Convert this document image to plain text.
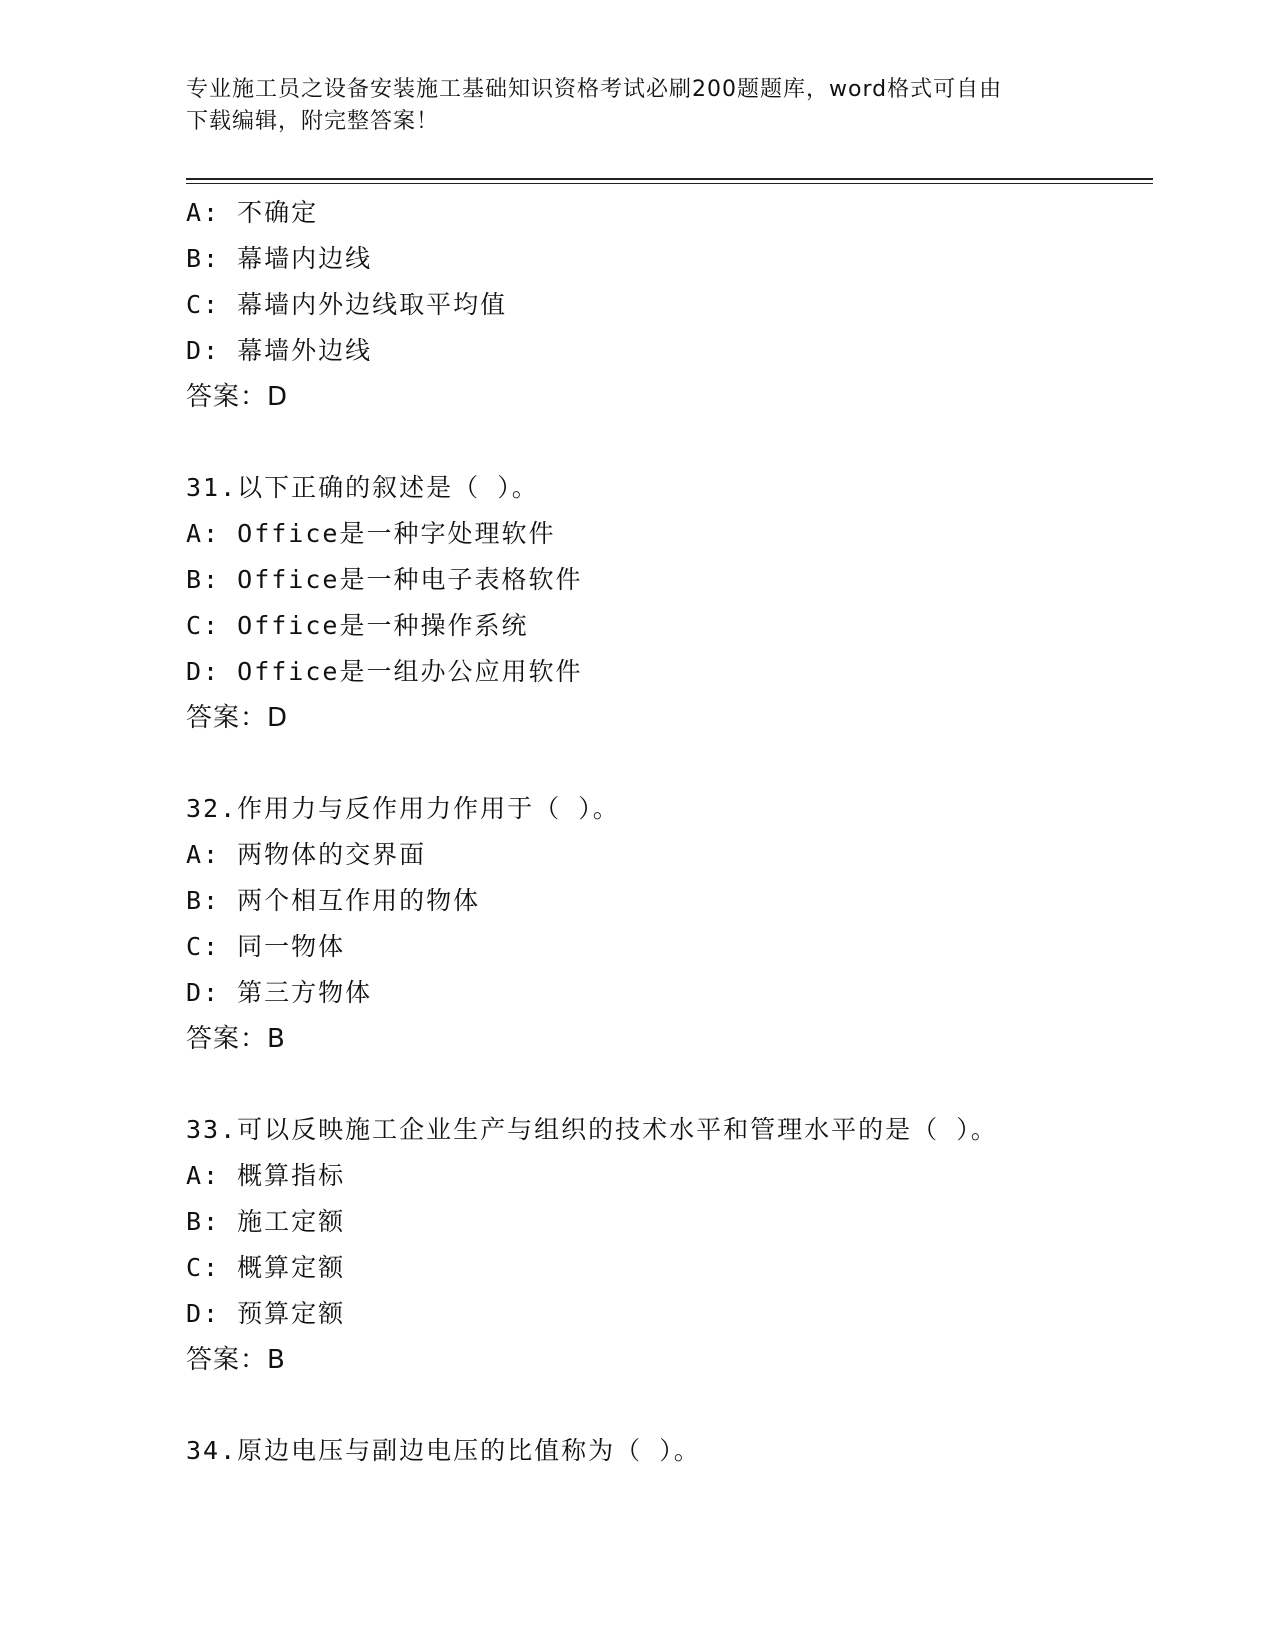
专业施工员之设备安装施工基础知识资格考试必刷200题题库，word格式可自由
下载编辑，附完整答案！
A: 不确定
B: 幕墙内边线
C: 幕墙内外边线取平均值
D: 幕墙外边线
答案：D
31.以下正确的叙述是（ ）。
A: Office是一种字处理软件
B: Office是一种电子表格软件
C: Office是一种操作系统
D: Office是一组办公应用软件
答案：D
32.作用力与反作用力作用于（ ）。
A: 两物体的交界面
B: 两个相互作用的物体
C: 同一物体
D: 第三方物体
答案：B
33.可以反映施工企业生产与组织的技术水平和管理水平的是（ ）。
A: 概算指标
B: 施工定额
C: 概算定额
D: 预算定额
答案：B
34.原边电压与副边电压的比值称为（ ）。
